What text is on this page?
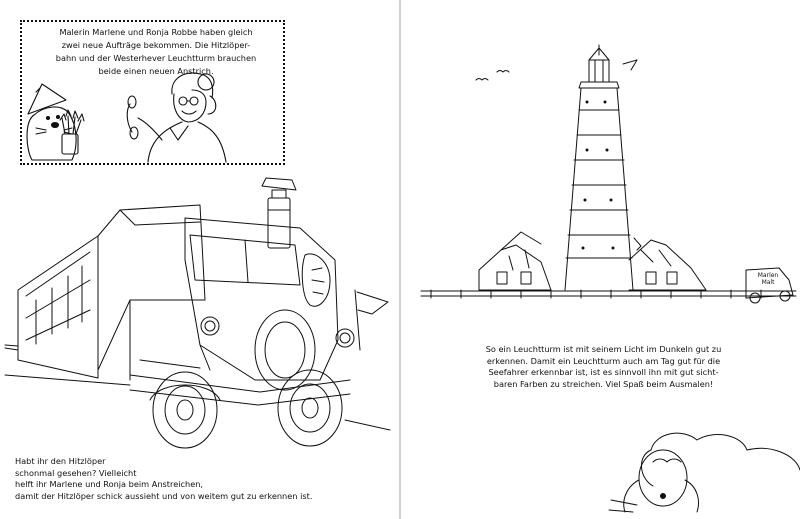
Malerin Marlene und Ronja Robbe haben gleich
zwei neue Aufträge bekommen. Die Hitzlöper-
bahn und der Westerhever Leuchtturm brauchen
beide einen neuen Anstrich.
Habt ihr den Hitzlöper
schonmal gesehen? Vielleicht
helft ihr Marlene und Ronja beim Anstreichen,
damit der Hitzlöper schick aussieht und von weitem gut zu erkennen ist.
Marlen Malt
So ein Leuchtturm ist mit seinem Licht im Dunkeln gut zu
erkennen. Damit ein Leuchtturm auch am Tag gut für die
Seefahrer erkennbar ist, ist es sinnvoll ihn mit gut sicht-
baren Farben zu streichen. Viel Spaß beim Ausmalen!
